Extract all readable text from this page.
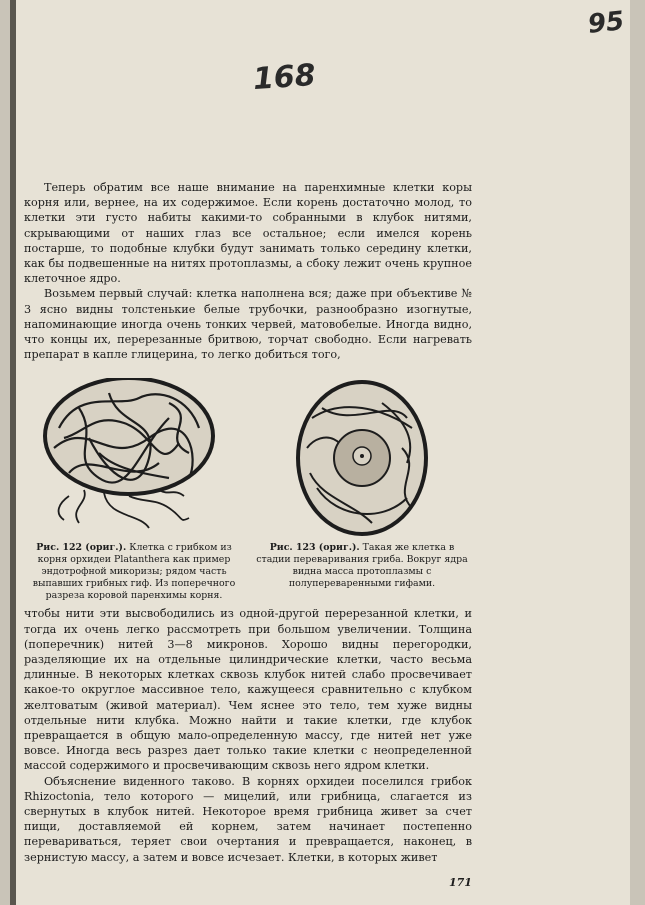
95
168

Теперь обратим все наше внимание на паренхимные клетки коры корня или, вернее, на их содержимое. Если корень достаточно молод, то клетки эти густо набиты какими-то собранными в клубок нитями, скрывающими от наших глаз все остальное; если имелся корень постарше, то подобные клубки будут занимать только середину клетки, как бы подвешенные на нитях протоплазмы, а сбоку лежит очень крупное клеточное ядро.

Возьмем первый случай: клетка наполнена вся; даже при объективе № 3 ясно видны толстенькие белые трубочки, разнообразно изогнутые, напоминающие иногда очень тонких червей, матовобелые. Иногда видно, что концы их, перерезанные бритвою, торчат свободно. Если нагревать препарат в капле глицерина, то легко добиться того,

Рис. 122 (ориг.). Клетка с грибком из корня орхидеи Platanthera как пример эндотрофной микоризы; рядом часть выпавших грибных гиф. Из поперечного разреза коровой паренхимы корня.
Рис. 123 (ориг.). Такая же клетка в стадии переваривания гриба. Вокруг ядра видна масса протоплазмы с полупереваренными гифами.

чтобы нити эти высвободились из одной-другой перерезанной клетки, и тогда их очень легко рассмотреть при большом увеличении. Толщина (поперечник) нитей 3—8 микронов. Хорошо видны перегородки, разделяющие их на отдельные цилиндрические клетки, часто весьма длинные. В некоторых клетках сквозь клубок нитей слабо просвечивает какое-то округлое массивное тело, кажущееся сравнительно с клубком желтоватым (живой материал). Чем яснее это тело, тем хуже видны отдельные нити клубка. Можно найти и такие клетки, где клубок превращается в общую мало-определенную массу, где нитей нет уже вовсе. Иногда весь разрез дает только такие клетки с неопределенной массой содержимого и просвечивающим сквозь него ядром клетки.

Объяснение виденного таково. В корнях орхидеи поселился грибок Rhizoctonia, тело которого — мицелий, или грибница, слагается из свернутых в клубок нитей. Некоторое время грибница живет за счет пищи, доставляемой ей корнем, затем начинает постепенно перевариваться, теряет свои очертания и превращается, наконец, в зернистую массу, а затем и вовсе исчезает. Клетки, в которых живет

171
